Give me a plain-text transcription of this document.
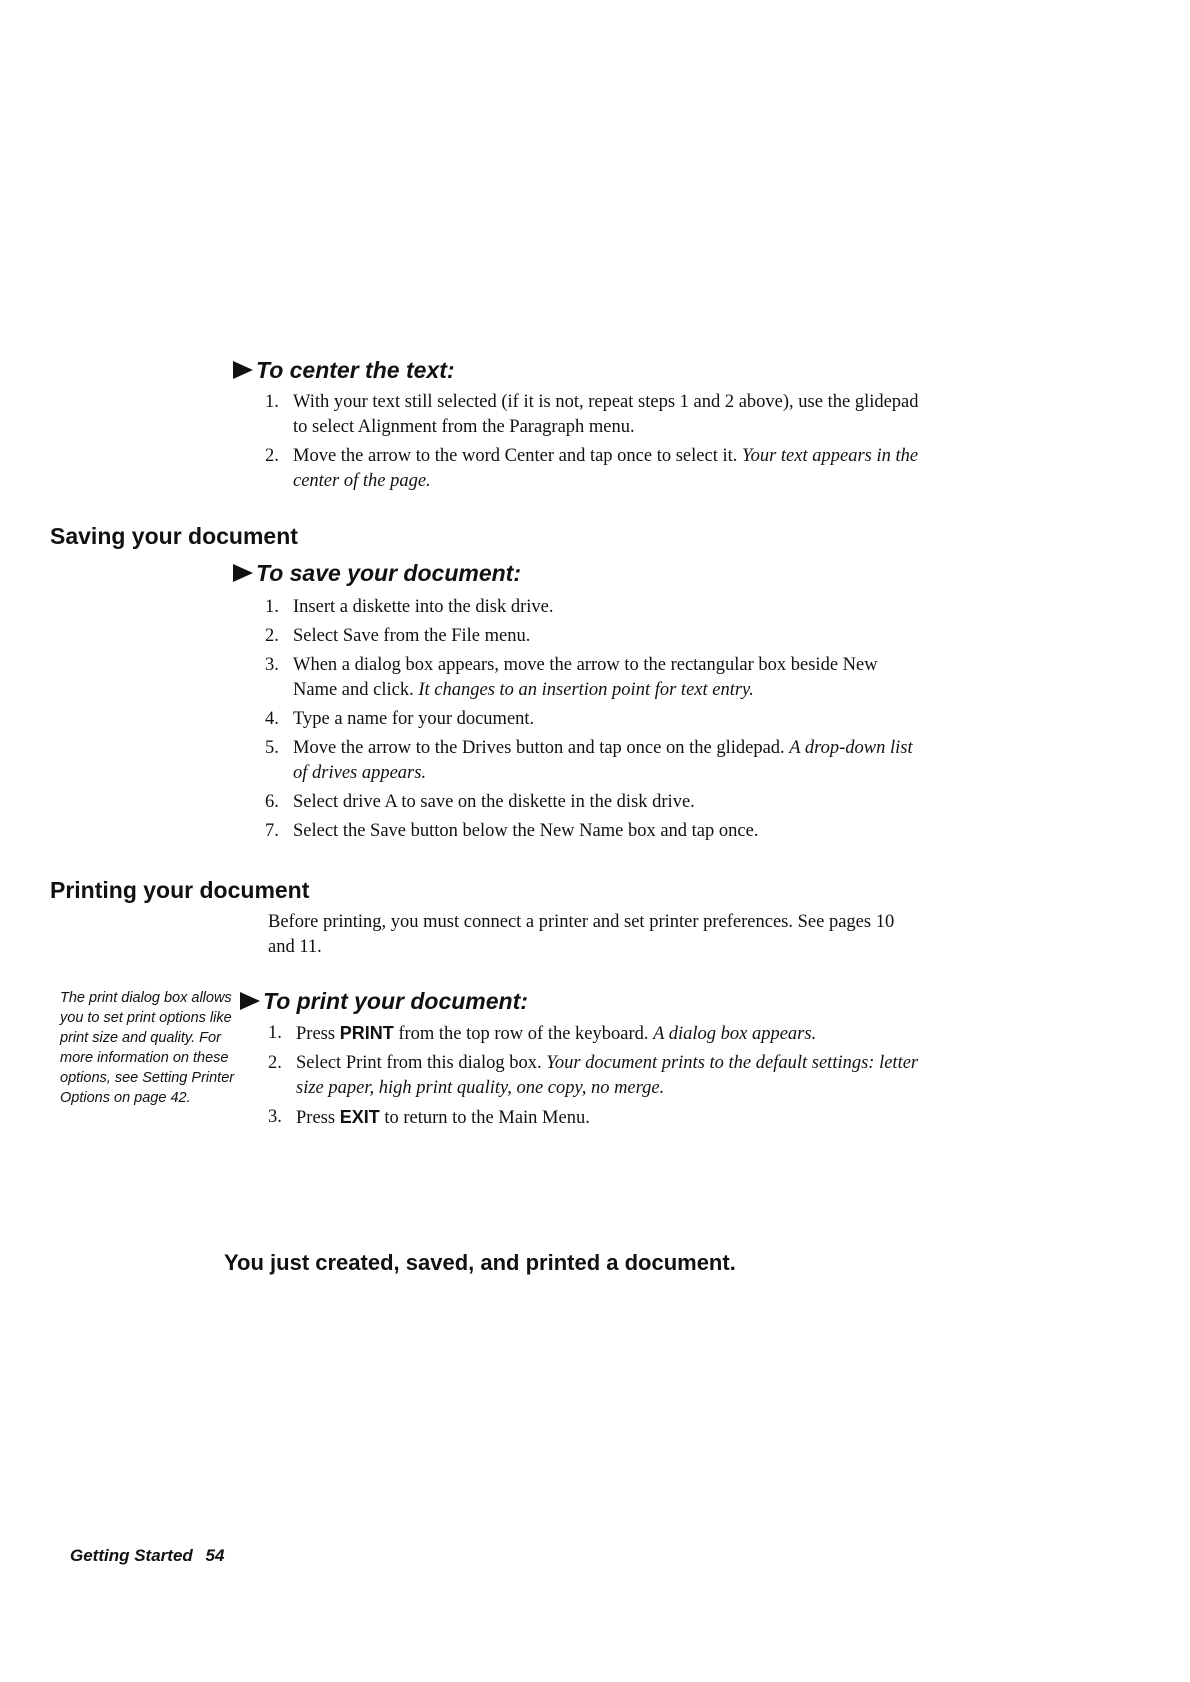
To center the text:
1. With your text still selected (if it is not, repeat steps 1 and 2 above), use the glidepad to select Alignment from the Paragraph menu.
2. Move the arrow to the word Center and tap once to select it. Your text appears in the center of the page.
Saving your document
To save your document:
1. Insert a diskette into the disk drive.
2. Select Save from the File menu.
3. When a dialog box appears, move the arrow to the rectangular box beside New Name and click. It changes to an insertion point for text entry.
4. Type a name for your document.
5. Move the arrow to the Drives button and tap once on the glidepad. A drop-down list of drives appears.
6. Select drive A to save on the diskette in the disk drive.
7. Select the Save button below the New Name box and tap once.
Printing your document
Before printing, you must connect a printer and set printer preferences. See pages 10 and 11.
The print dialog box allows you to set print options like print size and quality. For more information on these options, see Setting Printer Options on page 42.
To print your document:
1. Press PRINT from the top row of the keyboard. A dialog box appears.
2. Select Print from this dialog box. Your document prints to the default settings: letter size paper, high print quality, one copy, no merge.
3. Press EXIT to return to the Main Menu.
You just created, saved, and printed a document.
Getting Started 54
